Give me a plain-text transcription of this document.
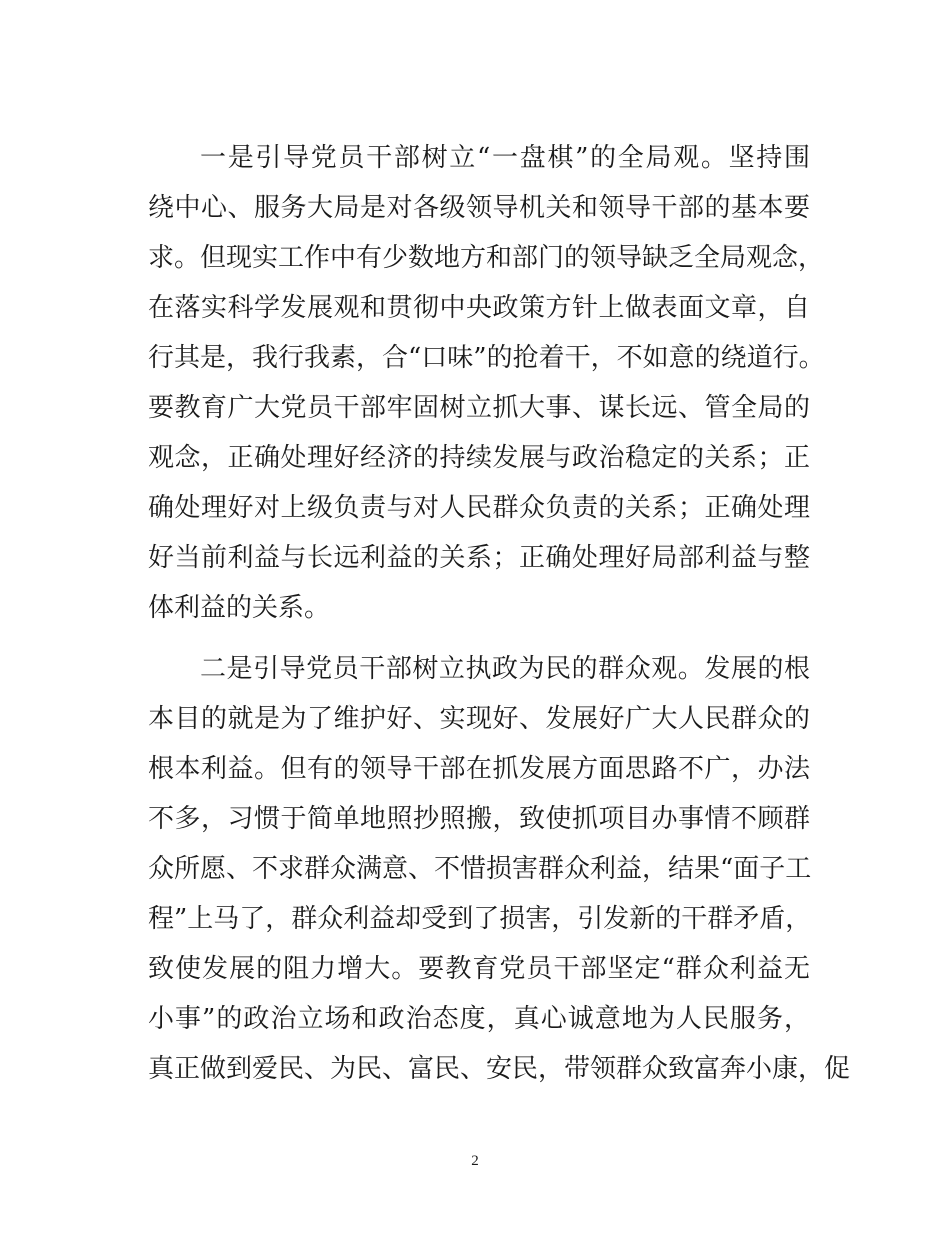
一是引导党员干部树立“一盘棋”的全局观。坚持围
绕中心、服务大局是对各级领导机关和领导干部的基本要
求。但现实工作中有少数地方和部门的领导缺乏全局观念，
在落实科学发展观和贯彻中央政策方针上做表面文章，自
行其是，我行我素，合“口味”的抢着干，不如意的绕道行。
要教育广大党员干部牢固树立抓大事、谋长远、管全局的
观念，正确处理好经济的持续发展与政治稳定的关系；正
确处理好对上级负责与对人民群众负责的关系；正确处理
好当前利益与长远利益的关系；正确处理好局部利益与整
体利益的关系。
二是引导党员干部树立执政为民的群众观。发展的根
本目的就是为了维护好、实现好、发展好广大人民群众的
根本利益。但有的领导干部在抓发展方面思路不广，办法
不多，习惯于简单地照抄照搬，致使抓项目办事情不顾群
众所愿、不求群众满意、不惜损害群众利益，结果“面子工
程”上马了，群众利益却受到了损害，引发新的干群矛盾，
致使发展的阻力增大。要教育党员干部坚定“群众利益无
小事”的政治立场和政治态度，真心诚意地为人民服务，
真正做到爱民、为民、富民、安民，带领群众致富奔小康，促
2
